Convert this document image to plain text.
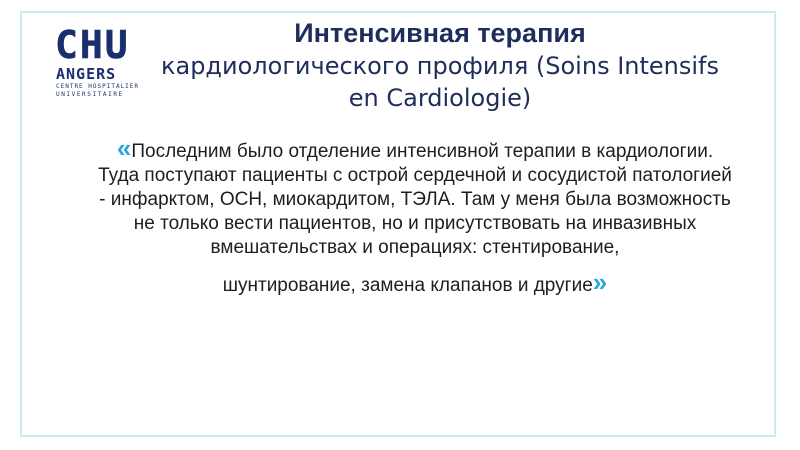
CHU
ANGERS
CENTRE HOSPITALIER
UNIVERSITAIRE
Интенсивная терапия
кардиологического профиля (Soins Intensifs en Cardiologie)
«Последним было отделение интенсивной терапии в кардиологии. Туда поступают пациенты с острой сердечной и сосудистой патологией - инфарктом, ОСН, миокардитом, ТЭЛА. Там у меня была возможность не только вести пациентов, но и присутствовать на инвазивных вмешательствах и операциях: стентирование,
шунтирование, замена клапанов и другие»
